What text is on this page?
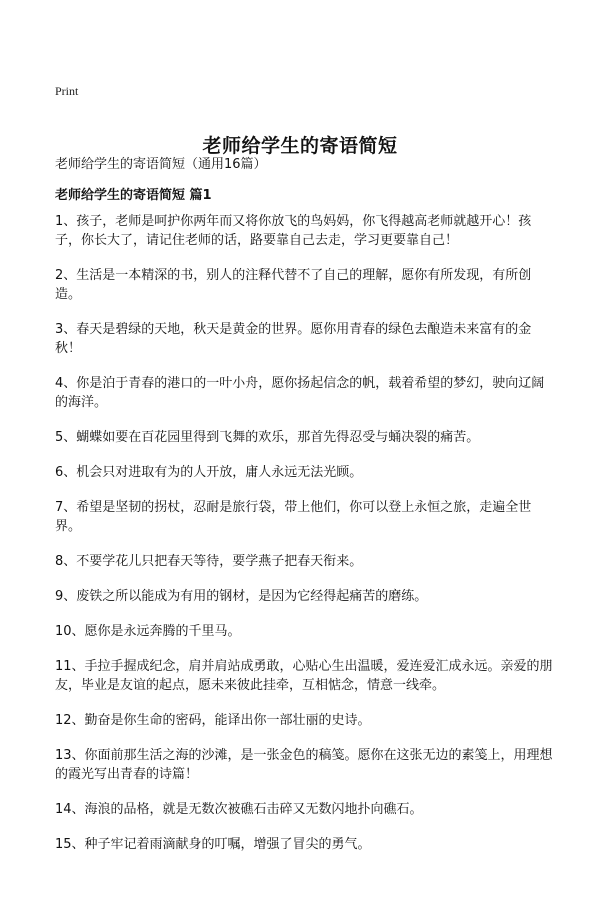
Print
老师给学生的寄语简短
老师给学生的寄语简短（通用16篇）
老师给学生的寄语简短 篇1
1、孩子，老师是呵护你两年而又将你放飞的鸟妈妈，你飞得越高老师就越开心！孩子，你长大了，请记住老师的话，路要靠自己去走，学习更要靠自己！
2、生活是一本精深的书，别人的注释代替不了自己的理解，愿你有所发现，有所创造。
3、春天是碧绿的天地，秋天是黄金的世界。愿你用青春的绿色去酿造未来富有的金秋！
4、你是泊于青春的港口的一叶小舟，愿你扬起信念的帆，载着希望的梦幻，驶向辽阔的海洋。
5、蝴蝶如要在百花园里得到飞舞的欢乐，那首先得忍受与蛹决裂的痛苦。
6、机会只对进取有为的人开放，庸人永远无法光顾。
7、希望是坚韧的拐杖，忍耐是旅行袋，带上他们，你可以登上永恒之旅，走遍全世界。
8、不要学花儿只把春天等待，要学燕子把春天衔来。
9、废铁之所以能成为有用的钢材，是因为它经得起痛苦的磨练。
10、愿你是永远奔腾的千里马。
11、手拉手握成纪念，肩并肩站成勇敢，心贴心生出温暖，爱连爱汇成永远。亲爱的朋友，毕业是友谊的起点，愿未来彼此挂牵，互相惦念，情意一线牵。
12、勤奋是你生命的密码，能译出你一部壮丽的史诗。
13、你面前那生活之海的沙滩，是一张金色的稿笺。愿你在这张无边的素笺上，用理想的霞光写出青春的诗篇！
14、海浪的品格，就是无数次被礁石击碎又无数闪地扑向礁石。
15、种子牢记着雨滴献身的叮嘱，增强了冒尖的勇气。
